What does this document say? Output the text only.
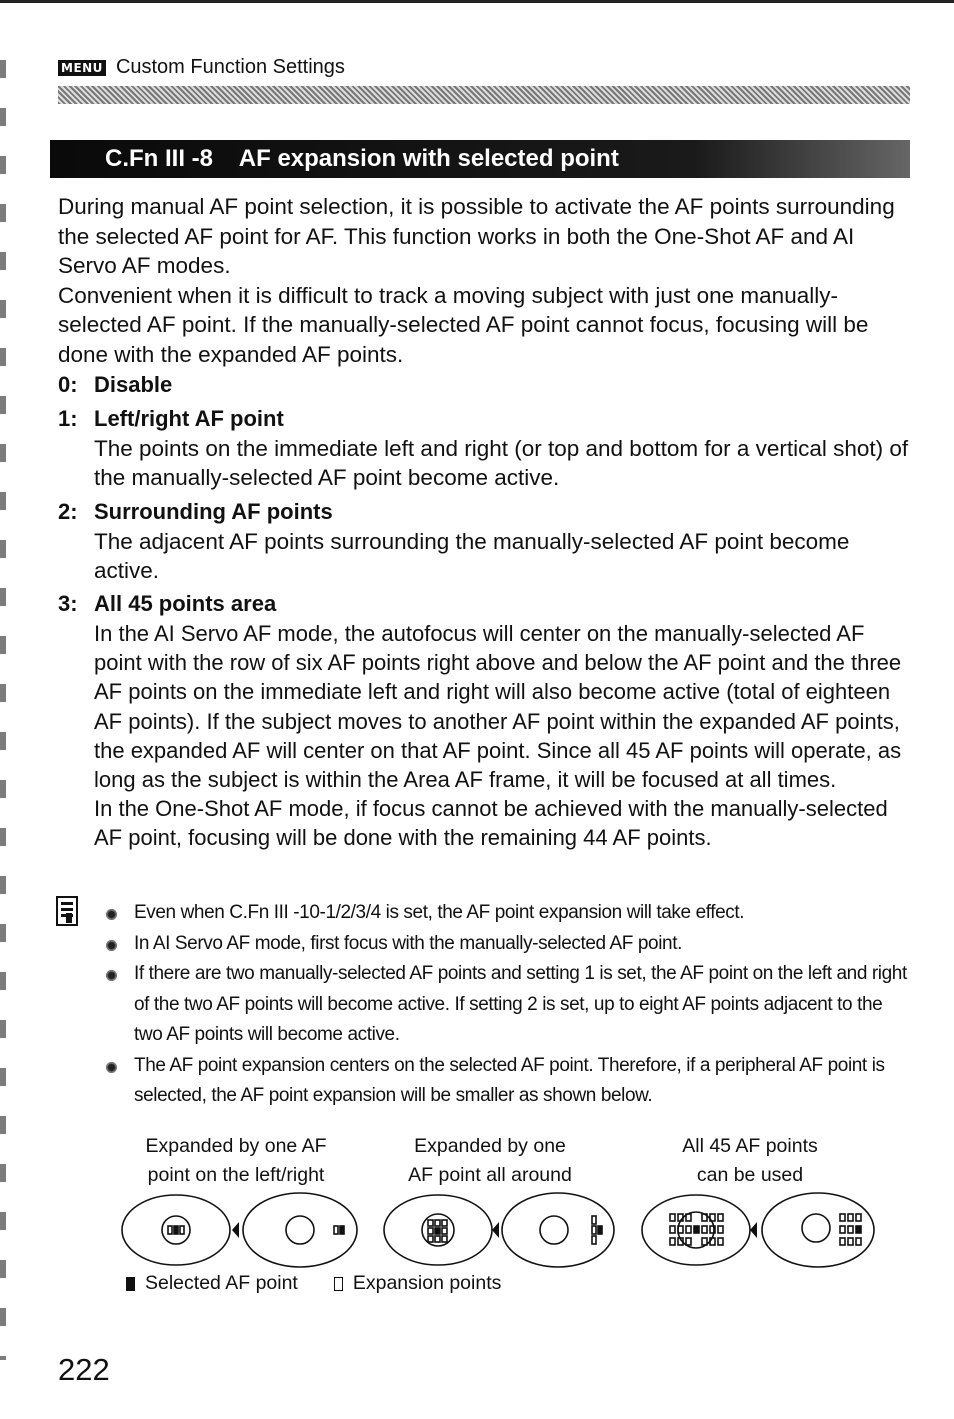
MENU Custom Function Settings
C.Fn III -8    AF expansion with selected point

During manual AF point selection, it is possible to activate the AF points surrounding the selected AF point for AF. This function works in both the One-Shot AF and AI Servo AF modes.

Convenient when it is difficult to track a moving subject with just one manually-selected AF point. If the manually-selected AF point cannot focus, focusing will be done with the expanded AF points.

0: Disable
1: Left/right AF point
The points on the immediate left and right (or top and bottom for a vertical shot) of the manually-selected AF point become active.
2: Surrounding AF points
The adjacent AF points surrounding the manually-selected AF point become active.
3: All 45 points area
In the AI Servo AF mode, the autofocus will center on the manually-selected AF point with the row of six AF points right above and below the AF point and the three AF points on the immediate left and right will also become active (total of eighteen AF points). If the subject moves to another AF point within the expanded AF points, the expanded AF will center on that AF point. Since all 45 AF points will operate, as long as the subject is within the Area AF frame, it will be focused at all times.
In the One-Shot AF mode, if focus cannot be achieved with the manually-selected AF point, focusing will be done with the remaining 44 AF points.
Even when C.Fn III -10-1/2/3/4 is set, the AF point expansion will take effect.
In AI Servo AF mode, first focus with the manually-selected AF point.
If there are two manually-selected AF points and setting 1 is set, the AF point on the left and right of the two AF points will become active. If setting 2 is set, up to eight AF points adjacent to the two AF points will become active.
The AF point expansion centers on the selected AF point. Therefore, if a peripheral AF point is selected, the AF point expansion will be smaller as shown below.
Expanded by one AF
point on the left/right
Expanded by one
AF point all around
All 45 AF points
can be used
Selected AF point	Expansion points
222
